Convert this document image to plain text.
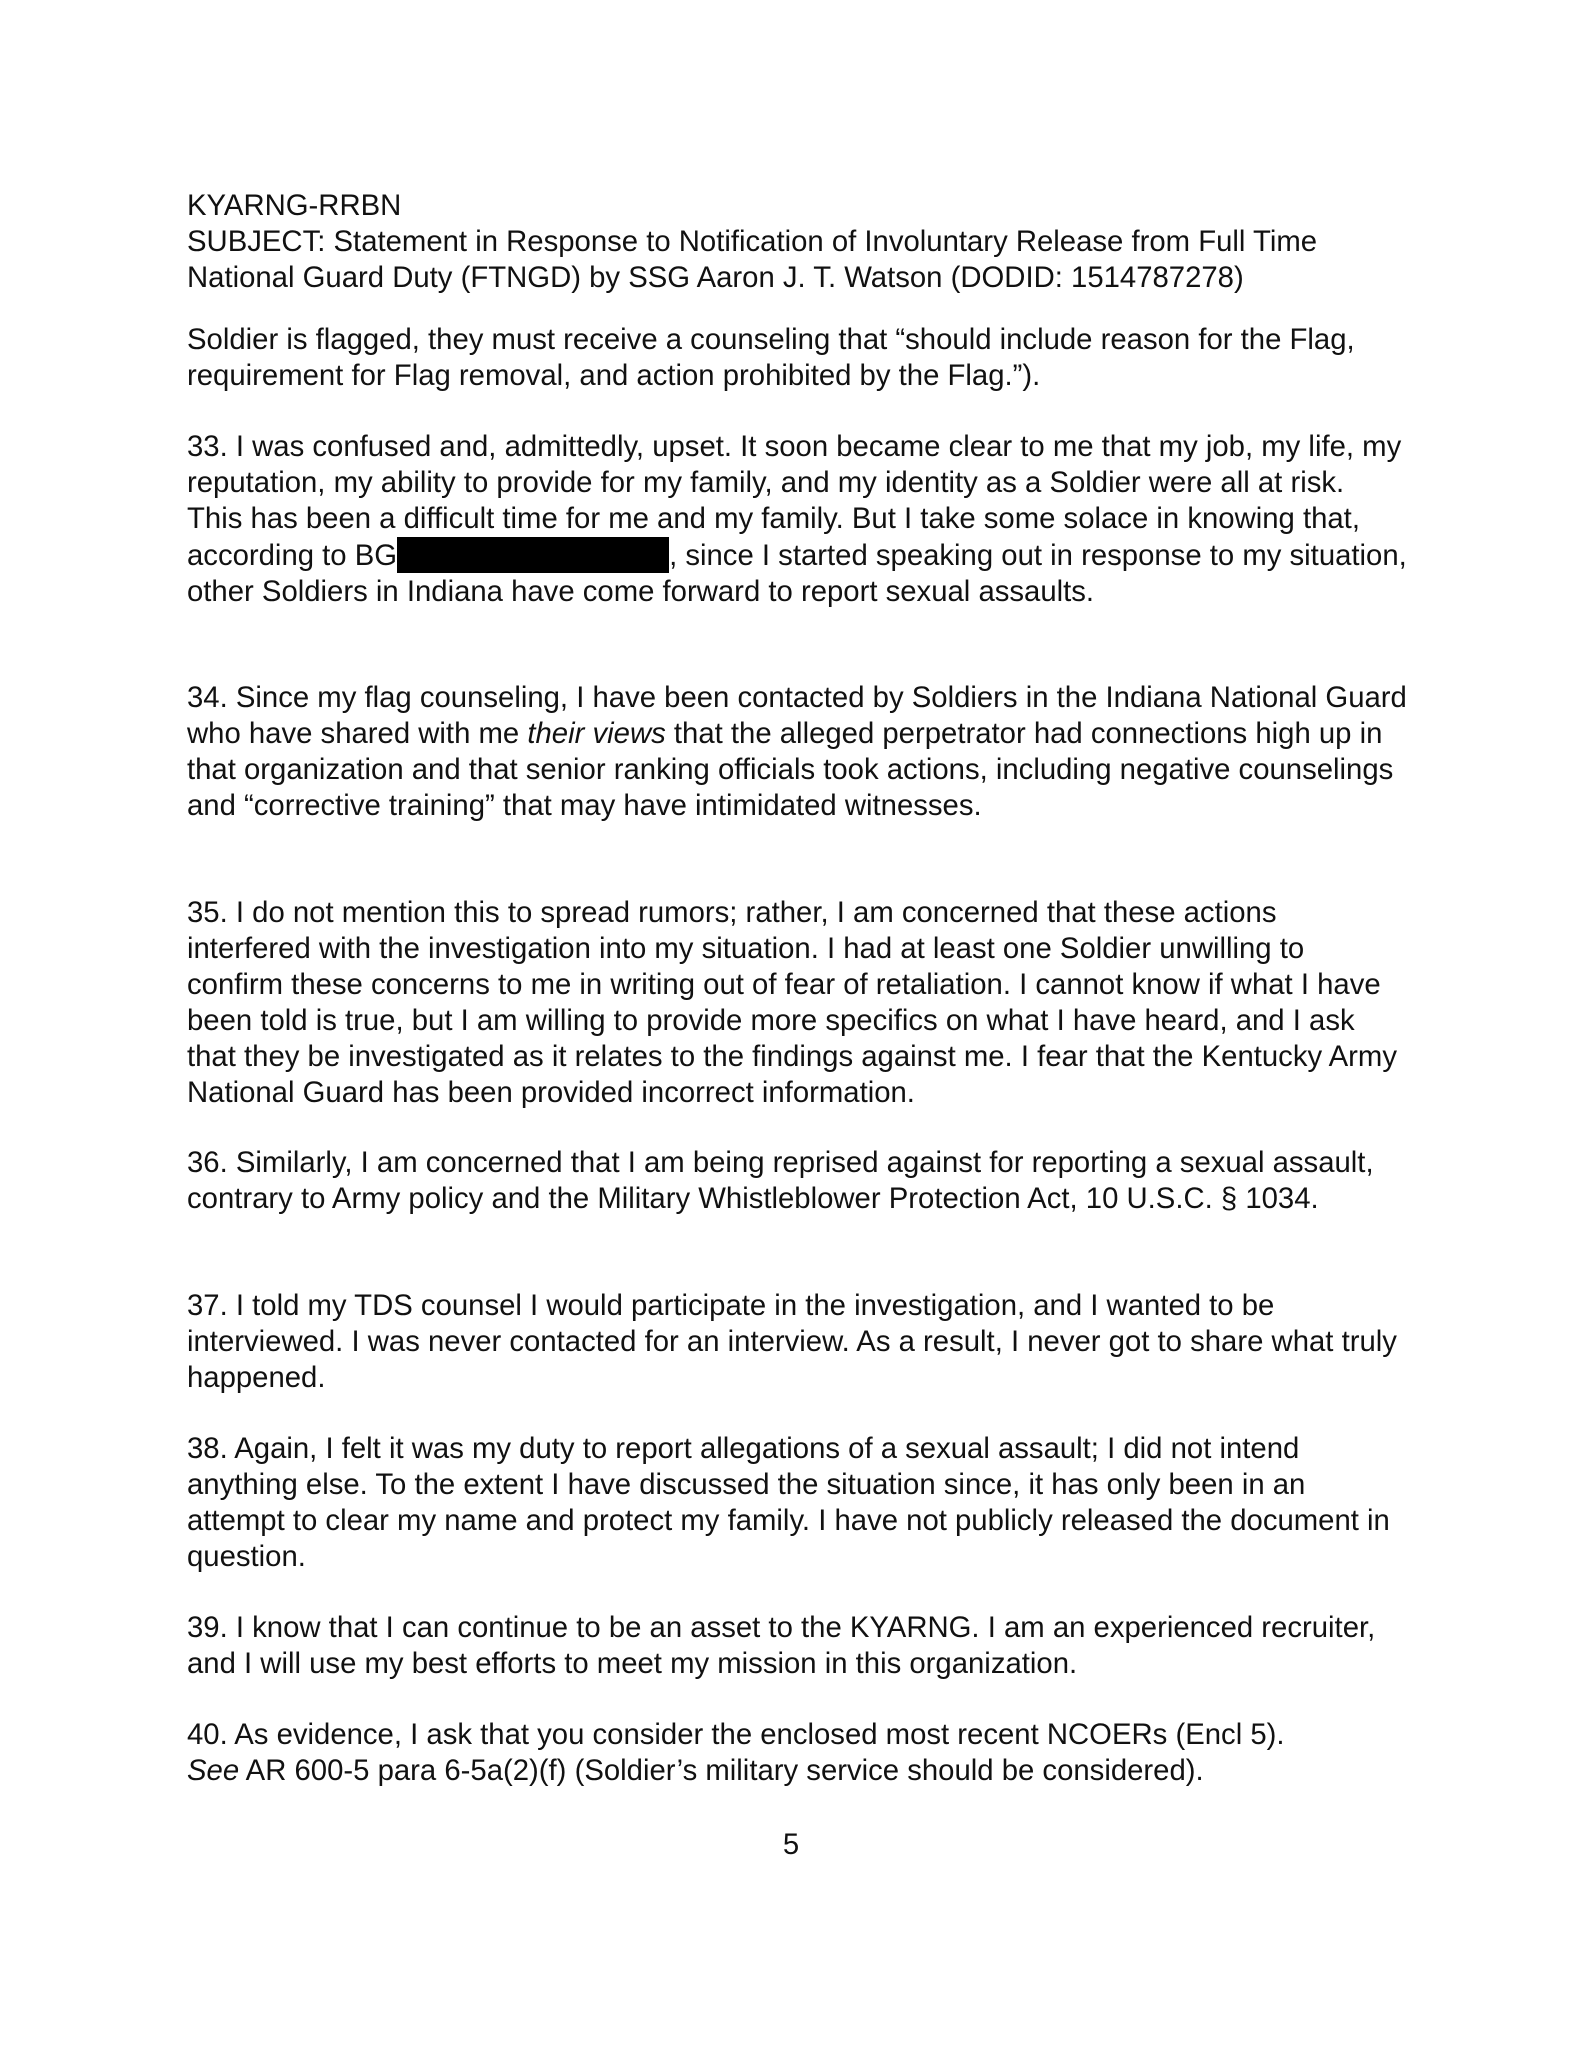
KYARNG-RRBN
SUBJECT: Statement in Response to Notification of Involuntary Release from Full Time
National Guard Duty (FTNGD) by SSG Aaron J. T. Watson (DODID: 1514787278)

Soldier is flagged, they must receive a counseling that “should include reason for the Flag, requirement for Flag removal, and action prohibited by the Flag.”).

33. I was confused and, admittedly, upset. It soon became clear to me that my job, my life, my reputation, my ability to provide for my family, and my identity as a Soldier were all at risk. This has been a difficult time for me and my family. But I take some solace in knowing that, according to BG	, since I started speaking out in response to my situation, other Soldiers in Indiana have come forward to report sexual assaults.

34. Since my flag counseling, I have been contacted by Soldiers in the Indiana National Guard who have shared with me their views that the alleged perpetrator had connections high up in that organization and that senior ranking officials took actions, including negative counselings and “corrective training” that may have intimidated witnesses.

35. I do not mention this to spread rumors; rather, I am concerned that these actions interfered with the investigation into my situation. I had at least one Soldier unwilling to confirm these concerns to me in writing out of fear of retaliation. I cannot know if what I have been told is true, but I am willing to provide more specifics on what I have heard, and I ask that they be investigated as it relates to the findings against me. I fear that the Kentucky Army National Guard has been provided incorrect information.

36. Similarly, I am concerned that I am being reprised against for reporting a sexual assault, contrary to Army policy and the Military Whistleblower Protection Act, 10 U.S.C. § 1034.

37. I told my TDS counsel I would participate in the investigation, and I wanted to be interviewed. I was never contacted for an interview. As a result, I never got to share what truly happened.

38. Again, I felt it was my duty to report allegations of a sexual assault; I did not intend anything else. To the extent I have discussed the situation since, it has only been in an attempt to clear my name and protect my family. I have not publicly released the document in question.

39. I know that I can continue to be an asset to the KYARNG. I am an experienced recruiter, and I will use my best efforts to meet my mission in this organization.

40. As evidence, I ask that you consider the enclosed most recent NCOERs (Encl 5).
See AR 600-5 para 6-5a(2)(f) (Soldier’s military service should be considered).

5
